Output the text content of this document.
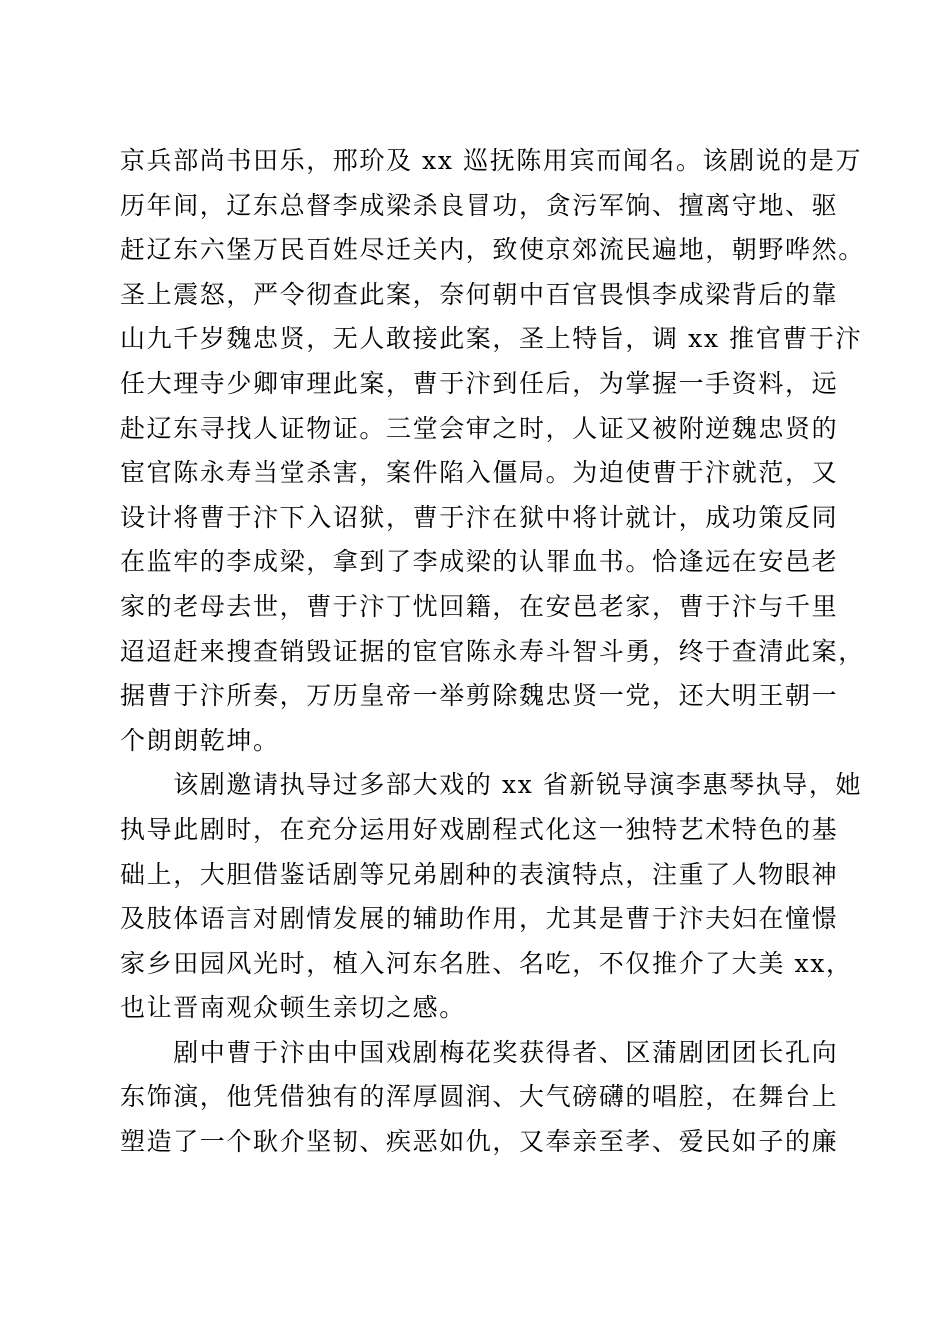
京兵部尚书田乐，邢玠及 xx 巡抚陈用宾而闻名。该剧说的是万
历年间，辽东总督李成梁杀良冒功，贪污军饷、擅离守地、驱
赶辽东六堡万民百姓尽迁关内，致使京郊流民遍地，朝野哗然。
圣上震怒，严令彻查此案，奈何朝中百官畏惧李成梁背后的靠
山九千岁魏忠贤，无人敢接此案，圣上特旨，调 xx 推官曹于汴
任大理寺少卿审理此案，曹于汴到任后，为掌握一手资料，远
赴辽东寻找人证物证。三堂会审之时，人证又被附逆魏忠贤的
宦官陈永寿当堂杀害，案件陷入僵局。为迫使曹于汴就范，又
设计将曹于汴下入诏狱，曹于汴在狱中将计就计，成功策反同
在监牢的李成梁，拿到了李成梁的认罪血书。恰逢远在安邑老
家的老母去世，曹于汴丁忧回籍，在安邑老家，曹于汴与千里
迢迢赶来搜查销毁证据的宦官陈永寿斗智斗勇，终于查清此案，
据曹于汴所奏，万历皇帝一举剪除魏忠贤一党，还大明王朝一
个朗朗乾坤。
　　该剧邀请执导过多部大戏的 xx 省新锐导演李惠琴执导，她
执导此剧时，在充分运用好戏剧程式化这一独特艺术特色的基
础上，大胆借鉴话剧等兄弟剧种的表演特点，注重了人物眼神
及肢体语言对剧情发展的辅助作用，尤其是曹于汴夫妇在憧憬
家乡田园风光时，植入河东名胜、名吃，不仅推介了大美 xx，
也让晋南观众顿生亲切之感。
　　剧中曹于汴由中国戏剧梅花奖获得者、区蒲剧团团长孔向
东饰演，他凭借独有的浑厚圆润、大气磅礴的唱腔，在舞台上
塑造了一个耿介坚韧、疾恶如仇，又奉亲至孝、爱民如子的廉
